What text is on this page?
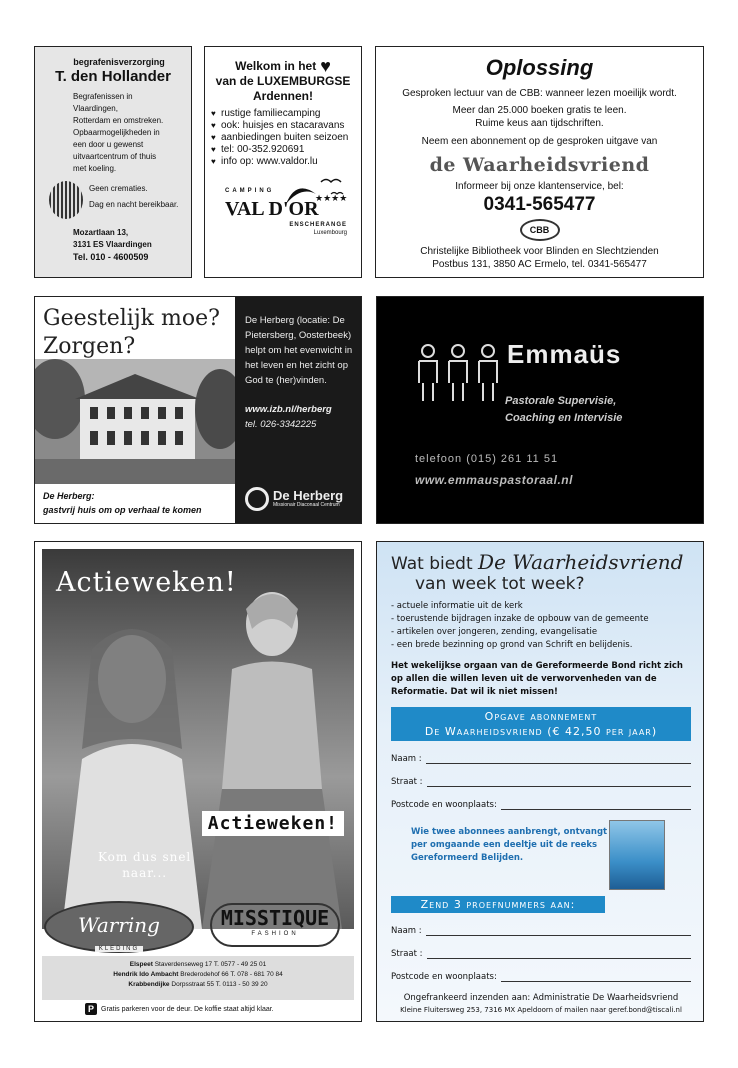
begrafenisverzorging
T. den Hollander
Begrafenissen in
Vlaardingen,
Rotterdam en omstreken.
Opbaarmogelijkheden in
een door u gewenst
uitvaartcentrum of thuis
met koeling.
Geen crematies.
Dag en nacht bereikbaar.
Mozartlaan 13,
3131 ES Vlaardingen
Tel. 010 - 4600509
Welkom in het ♥
van de LUXEMBURGSE
Ardennen!
♥ rustige familiecamping
♥ ook: huisjes en stacaravans
♥ aanbiedingen buiten seizoen
♥ tel: 00-352.920691
♥ info op: www.valdor.lu
CAMPING
VAL D'OR
★★★★
ENSCHERANGE
Luxembourg
Oplossing
Gesproken lectuur van de CBB: wanneer lezen moeilijk wordt.
Meer dan 25.000 boeken gratis te leen.
Ruime keus aan tijdschriften.
Neem een abonnement op de gesproken uitgave van
de Waarheidsvriend
Informeer bij onze klantenservice, bel:
0341-565477
CBB
Christelijke Bibliotheek voor Blinden en Slechtzienden
Postbus 131, 3850 AC Ermelo, tel. 0341-565477
Geestelijk moe?
Zorgen?
De Herberg:
gastvrij huis om op verhaal te komen
De Herberg (locatie: De Pietersberg, Oosterbeek) helpt om het evenwicht in het leven en het zicht op God te (her)vinden.
www.izb.nl/herberg
tel. 026-3342225
De Herberg
Missionair Diaconaal Centrum
Emmaüs
Pastorale Supervisie,
Coaching en Intervisie
telefoon (015) 261 11 51
www.emmauspastoraal.nl
Actieweken!
Actieweken!
Kom dus snel
naar...
Warring
KLEDING
MISSTIQUE
FASHION
Elspeet Staverdenseweg 17 T. 0577 - 49 25 01
Hendrik Ido Ambacht Brederodehof 66 T. 078 - 681 70 84
Krabbendijke Dorpsstraat 55 T. 0113 - 50 39 20
P	Gratis parkeren voor de deur. De koffie staat altijd klaar.
Wat biedt De Waarheidsvriend
van week tot week?
- actuele informatie uit de kerk
- toerustende bijdragen inzake de opbouw van de gemeente
- artikelen over jongeren, zending, evangelisatie
- een brede bezinning op grond van Schrift en belijdenis.
Het wekelijkse orgaan van de Gereformeerde Bond richt zich op allen die willen leven uit de verworvenheden van de Reformatie. Dat wil ik niet missen!
Opgave abonnement
De Waarheidsvriend (€ 42,50 per jaar)
Naam :
Straat :
Postcode en woonplaats:
Wie twee abonnees aanbrengt, ontvangt per omgaande een deeltje uit de reeks Gereformeerd Belijden.
Zend 3 proefnummers aan:
Naam :
Straat :
Postcode en woonplaats:
Ongefrankeerd inzenden aan: Administratie De Waarheidsvriend
Kleine Fluitersweg 253, 7316 MX Apeldoorn of mailen naar geref.bond@tiscali.nl
